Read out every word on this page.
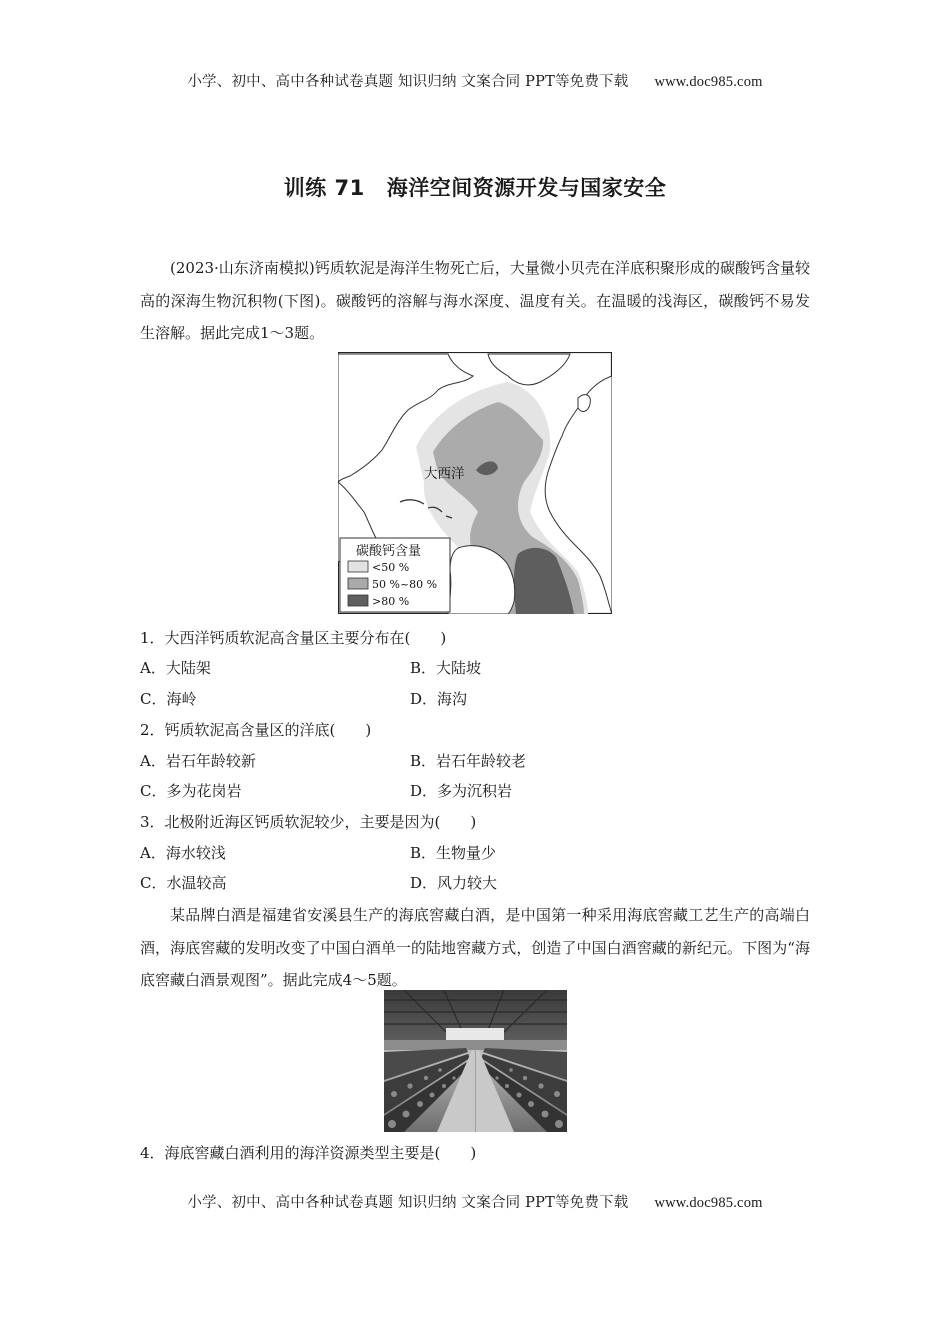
小学、初中、高中各种试卷真题 知识归纳 文案合同 PPT等免费下载 www.doc985.com
训练 71 海洋空间资源开发与国家安全
(2023·山东济南模拟)钙质软泥是海洋生物死亡后，大量微小贝壳在洋底积聚形成的碳酸钙含量较高的深海生物沉积物(下图)。碳酸钙的溶解与海水深度、温度有关。在温暖的浅海区，碳酸钙不易发生溶解。据此完成1～3题。
大西洋
碳酸钙含量
<50 %
50 %~80 %
>80 %
1．大西洋钙质软泥高含量区主要分布在(　　)
A．大陆架	B．大陆坡
C．海岭	D．海沟
2．钙质软泥高含量区的洋底(　　)
A．岩石年龄较新	B．岩石年龄较老
C．多为花岗岩	D．多为沉积岩
3．北极附近海区钙质软泥较少，主要是因为(　　)
A．海水较浅	B．生物量少
C．水温较高	D．风力较大
某品牌白酒是福建省安溪县生产的海底窖藏白酒，是中国第一种采用海底窖藏工艺生产的高端白酒，海底窖藏的发明改变了中国白酒单一的陆地窖藏方式，创造了中国白酒窖藏的新纪元。下图为“海底窖藏白酒景观图”。据此完成4～5题。
4．海底窖藏白酒利用的海洋资源类型主要是(　　)
小学、初中、高中各种试卷真题 知识归纳 文案合同 PPT等免费下载 www.doc985.com
